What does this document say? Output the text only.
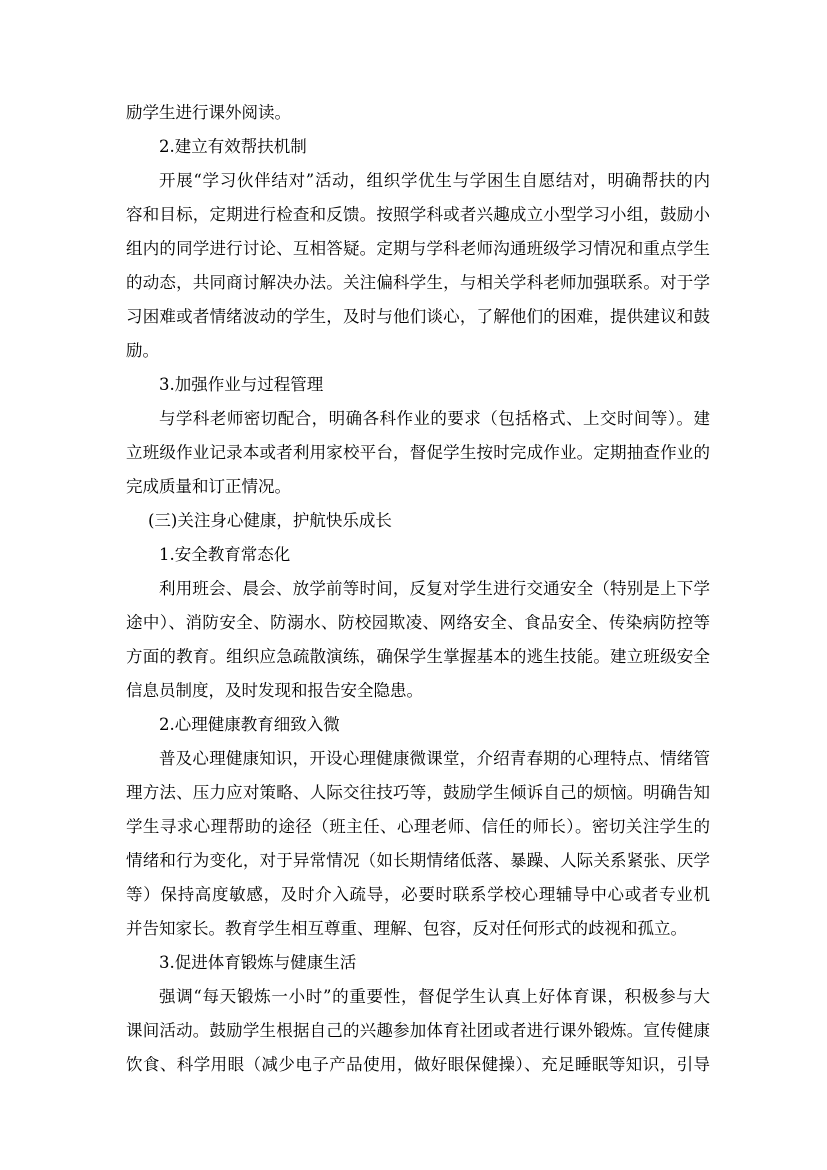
励学生进行课外阅读。
2.建立有效帮扶机制
开展“学习伙伴结对”活动，组织学优生与学困生自愿结对，明确帮扶的内
容和目标，定期进行检查和反馈。按照学科或者兴趣成立小型学习小组，鼓励小
组内的同学进行讨论、互相答疑。定期与学科老师沟通班级学习情况和重点学生
的动态，共同商讨解决办法。关注偏科学生，与相关学科老师加强联系。对于学
习困难或者情绪波动的学生，及时与他们谈心，了解他们的困难，提供建议和鼓
励。
3.加强作业与过程管理
与学科老师密切配合，明确各科作业的要求（包括格式、上交时间等）。建
立班级作业记录本或者利用家校平台，督促学生按时完成作业。定期抽查作业的
完成质量和订正情况。
(三)关注身心健康，护航快乐成长
1.安全教育常态化
利用班会、晨会、放学前等时间，反复对学生进行交通安全（特别是上下学
途中）、消防安全、防溺水、防校园欺凌、网络安全、食品安全、传染病防控等
方面的教育。组织应急疏散演练，确保学生掌握基本的逃生技能。建立班级安全
信息员制度，及时发现和报告安全隐患。
2.心理健康教育细致入微
普及心理健康知识，开设心理健康微课堂，介绍青春期的心理特点、情绪管
理方法、压力应对策略、人际交往技巧等，鼓励学生倾诉自己的烦恼。明确告知
学生寻求心理帮助的途径（班主任、心理老师、信任的师长）。密切关注学生的
情绪和行为变化，对于异常情况（如长期情绪低落、暴躁、人际关系紧张、厌学
等）保持高度敏感，及时介入疏导，必要时联系学校心理辅导中心或者专业机
并告知家长。教育学生相互尊重、理解、包容，反对任何形式的歧视和孤立。
3.促进体育锻炼与健康生活
强调“每天锻炼一小时”的重要性，督促学生认真上好体育课，积极参与大
课间活动。鼓励学生根据自己的兴趣参加体育社团或者进行课外锻炼。宣传健康
饮食、科学用眼（减少电子产品使用，做好眼保健操）、充足睡眠等知识，引导
